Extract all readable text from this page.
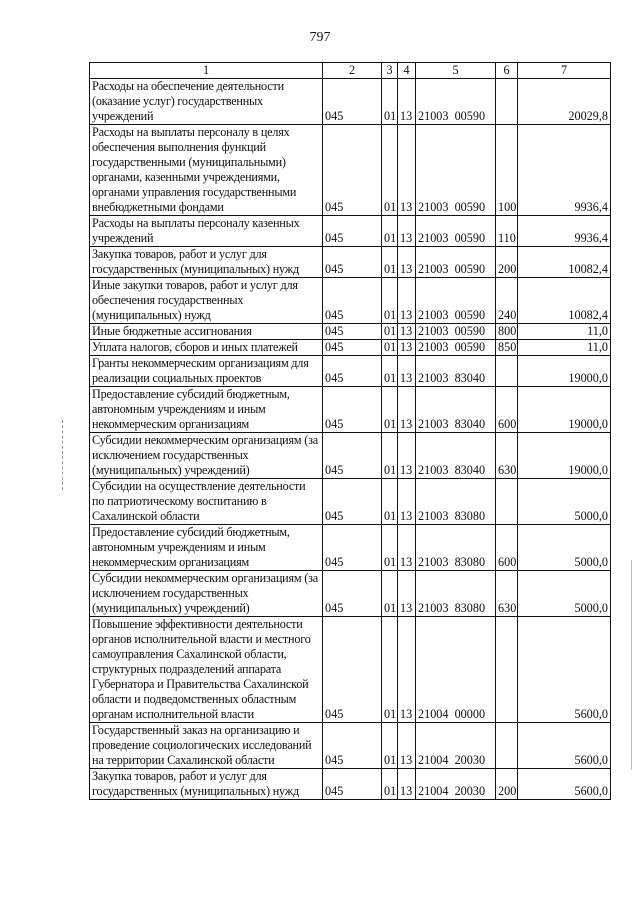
797
1	2	3	4	5	6	7
Расходы на обеспечение деятельности (оказание услуг) государственных учреждений	045	01	13	21003  00590		20029,8
Расходы на выплаты персоналу в целях обеспечения выполнения функций государственными (муниципальными) органами, казенными учреждениями, органами управления государственными внебюджетными фондами	045	01	13	21003  00590	100	9936,4
Расходы на выплаты персоналу казенных учреждений	045	01	13	21003  00590	110	9936,4
Закупка товаров, работ и услуг для государственных (муниципальных) нужд	045	01	13	21003  00590	200	10082,4
Иные закупки товаров, работ и услуг для обеспечения государственных (муниципальных) нужд	045	01	13	21003  00590	240	10082,4
Иные бюджетные ассигнования	045	01	13	21003  00590	800	11,0
Уплата налогов, сборов и иных платежей	045	01	13	21003  00590	850	11,0
Гранты некоммерческим организациям для реализации социальных проектов	045	01	13	21003  83040		19000,0
Предоставление субсидий бюджетным, автономным учреждениям и иным некоммерческим организациям	045	01	13	21003  83040	600	19000,0
Субсидии некоммерческим организациям (за исключением государственных (муниципальных) учреждений)	045	01	13	21003  83040	630	19000,0
Субсидии на осуществление деятельности по патриотическому воспитанию в Сахалинской области	045	01	13	21003  83080		5000,0
Предоставление субсидий бюджетным, автономным учреждениям и иным некоммерческим организациям	045	01	13	21003  83080	600	5000,0
Субсидии некоммерческим организациям (за исключением государственных (муниципальных) учреждений)	045	01	13	21003  83080	630	5000,0
Повышение эффективности деятельности органов исполнительной власти и местного самоуправления Сахалинской области, структурных подразделений аппарата Губернатора и Правительства Сахалинской области и подведомственных областным органам исполнительной власти	045	01	13	21004  00000		5600,0
Государственный заказ на организацию и проведение социологических исследований на территории Сахалинской области	045	01	13	21004  20030		5600,0
Закупка товаров, работ и услуг для государственных (муниципальных) нужд	045	01	13	21004  20030	200	5600,0
